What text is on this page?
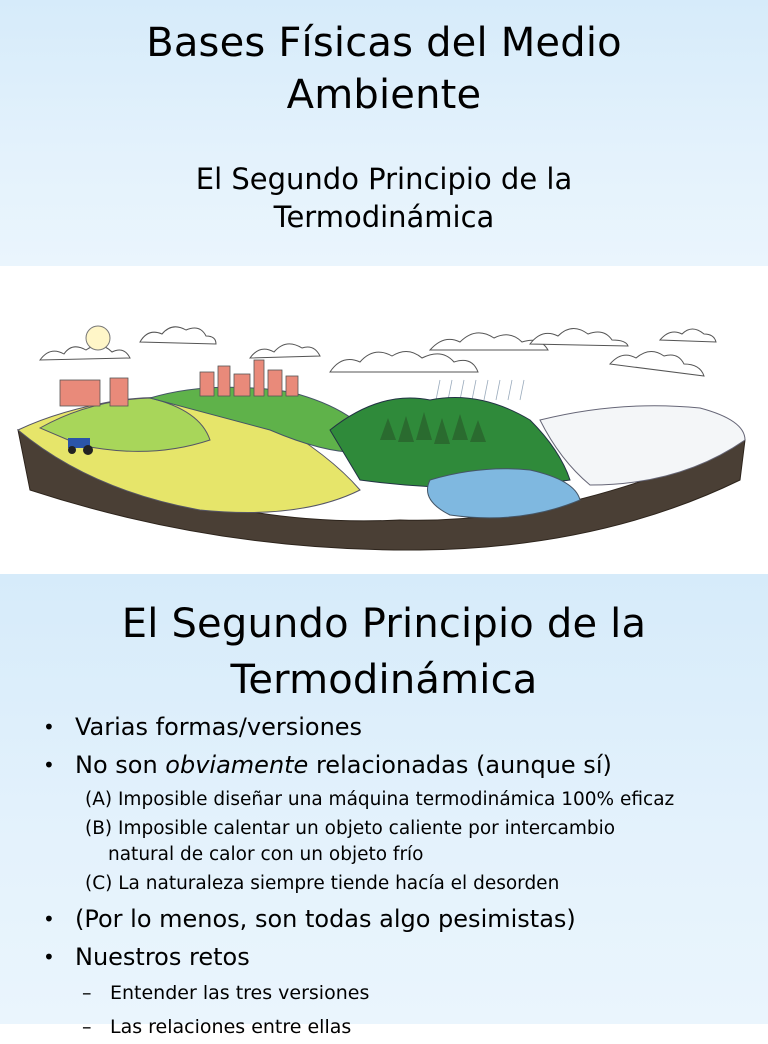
Bases Físicas del Medio
Ambiente
El Segundo Principio de la
Termodinámica
El Segundo Principio de la
Termodinámica
• Varias formas/versiones
• No son obviamente relacionadas (aunque sí)
(A) Imposible diseñar una máquina termodinámica 100% eficaz
(B) Imposible calentar un objeto caliente por intercambio
natural de calor con un objeto frío
(C) La naturaleza siempre tiende hacía el desorden
• (Por lo menos, son todas algo pesimistas)
• Nuestros retos
– Entender las tres versiones
– Las relaciones entre ellas
